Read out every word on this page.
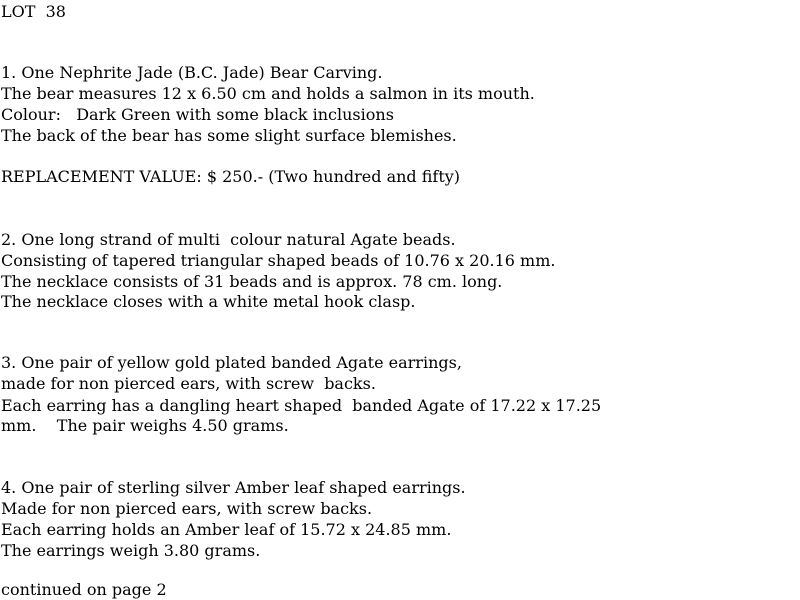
LOT  38
1. One Nephrite Jade (B.C. Jade) Bear Carving.
The bear measures 12 x 6.50 cm and holds a salmon in its mouth.
Colour:   Dark Green with some black inclusions
The back of the bear has some slight surface blemishes.
REPLACEMENT VALUE: $ 250.- (Two hundred and fifty)
2. One long strand of multi  colour natural Agate beads.
Consisting of tapered triangular shaped beads of 10.76 x 20.16 mm.
The necklace consists of 31 beads and is approx. 78 cm. long.
The necklace closes with a white metal hook clasp.
3. One pair of yellow gold plated banded Agate earrings,
made for non pierced ears, with screw  backs.
Each earring has a dangling heart shaped  banded Agate of 17.22 x 17.25
mm.    The pair weighs 4.50 grams.
4. One pair of sterling silver Amber leaf shaped earrings.
Made for non pierced ears, with screw backs.
Each earring holds an Amber leaf of 15.72 x 24.85 mm.
The earrings weigh 3.80 grams.
continued on page 2
